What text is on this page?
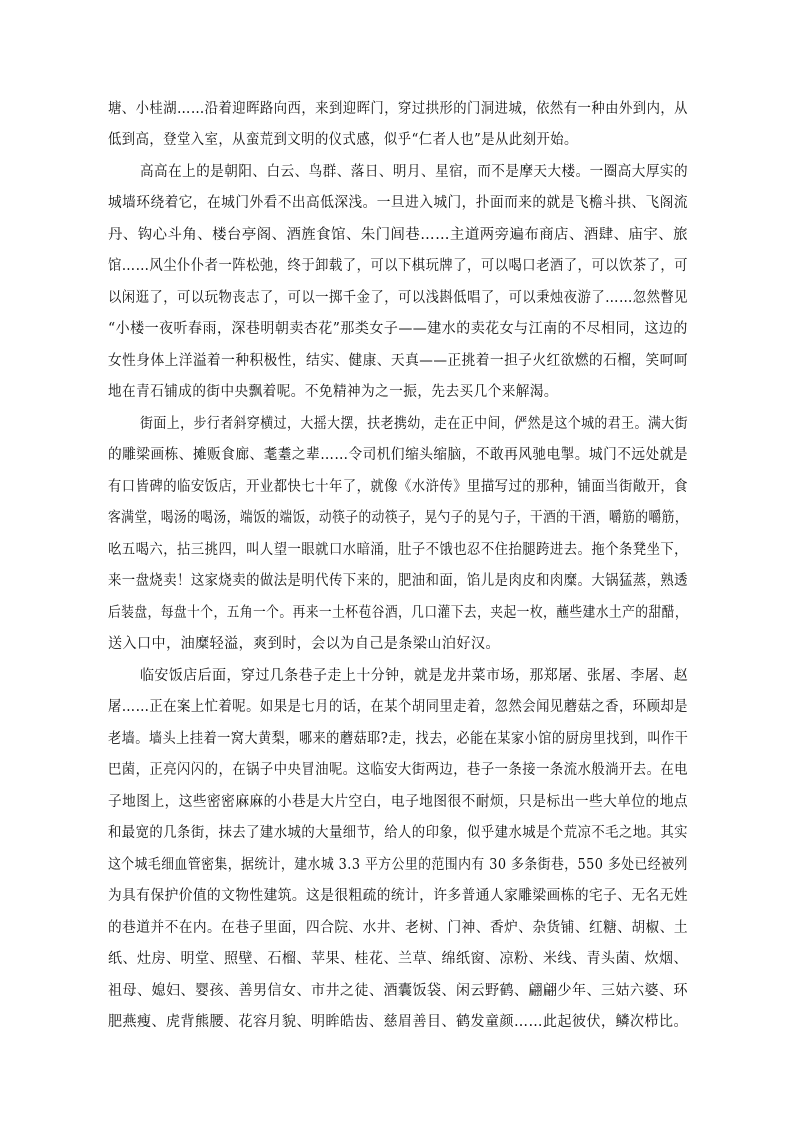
塘、小桂湖……沿着迎晖路向西，来到迎晖门，穿过拱形的门洞进城，依然有一种由外到内，从
低到高，登堂入室，从蛮荒到文明的仪式感，似乎“仁者人也”是从此刻开始。
高高在上的是朝阳、白云、鸟群、落日、明月、星宿，而不是摩天大楼。一圈高大厚实的
城墙环绕着它，在城门外看不出高低深浅。一旦进入城门，扑面而来的就是飞檐斗拱、飞阁流
丹、钩心斗角、楼台亭阁、酒旌食馆、朱门闾巷……主道两旁遍布商店、酒肆、庙宇、旅
馆……风尘仆仆者一阵松弛，终于卸载了，可以下棋玩牌了，可以喝口老酒了，可以饮茶了，可
以闲逛了，可以玩物丧志了，可以一掷千金了，可以浅斟低唱了，可以秉烛夜游了……忽然瞥见
“小楼一夜听春雨，深巷明朝卖杏花”那类女子——建水的卖花女与江南的不尽相同，这边的
女性身体上洋溢着一种积极性，结实、健康、天真——正挑着一担子火红欲燃的石榴，笑呵呵
地在青石铺成的街中央飘着呢。不免精神为之一振，先去买几个来解渴。
街面上，步行者斜穿横过，大摇大摆，扶老携幼，走在正中间，俨然是这个城的君王。满大街
的雕梁画栋、摊贩食廊、耄耋之辈……令司机们缩头缩脑，不敢再风驰电掣。城门不远处就是
有口皆碑的临安饭店，开业都快七十年了，就像《水浒传》里描写过的那种，铺面当街敞开，食
客满堂，喝汤的喝汤，端饭的端饭，动筷子的动筷子，晃勺子的晃勺子，干酒的干酒，嚼筋的嚼筋，
吆五喝六，拈三挑四，叫人望一眼就口水暗涌，肚子不饿也忍不住抬腿跨进去。拖个条凳坐下，
来一盘烧卖！这家烧卖的做法是明代传下来的，肥油和面，馅儿是肉皮和肉糜。大锅猛蒸，熟透
后装盘，每盘十个，五角一个。再来一土杯苞谷酒，几口灌下去，夹起一枚，蘸些建水土产的甜醋，
送入口中，油糜轻溢，爽到时，会以为自己是条梁山泊好汉。
临安饭店后面，穿过几条巷子走上十分钟，就是龙井菜市场，那郑屠、张屠、李屠、赵
屠……正在案上忙着呢。如果是七月的话，在某个胡同里走着，忽然会闻见蘑菇之香，环顾却是
老墙。墙头上挂着一窝大黄梨，哪来的蘑菇耶?走，找去，必能在某家小馆的厨房里找到，叫作干
巴菌，正亮闪闪的，在锅子中央冒油呢。这临安大街两边，巷子一条接一条流水般淌开去。在电
子地图上，这些密密麻麻的小巷是大片空白，电子地图很不耐烦，只是标出一些大单位的地点
和最宽的几条街，抹去了建水城的大量细节，给人的印象，似乎建水城是个荒凉不毛之地。其实
这个城毛细血管密集，据统计，建水城 3.3 平方公里的范围内有 30 多条街巷，550 多处已经被列
为具有保护价值的文物性建筑。这是很粗疏的统计，许多普通人家雕梁画栋的宅子、无名无姓
的巷道并不在内。在巷子里面，四合院、水井、老树、门神、香炉、杂货铺、红糖、胡椒、土
纸、灶房、明堂、照壁、石榴、苹果、桂花、兰草、绵纸窗、凉粉、米线、青头菌、炊烟、
祖母、媳妇、婴孩、善男信女、市井之徒、酒囊饭袋、闲云野鹤、翩翩少年、三姑六婆、环
肥燕瘦、虎背熊腰、花容月貌、明眸皓齿、慈眉善目、鹤发童颜……此起彼伏，鳞次栉比。
